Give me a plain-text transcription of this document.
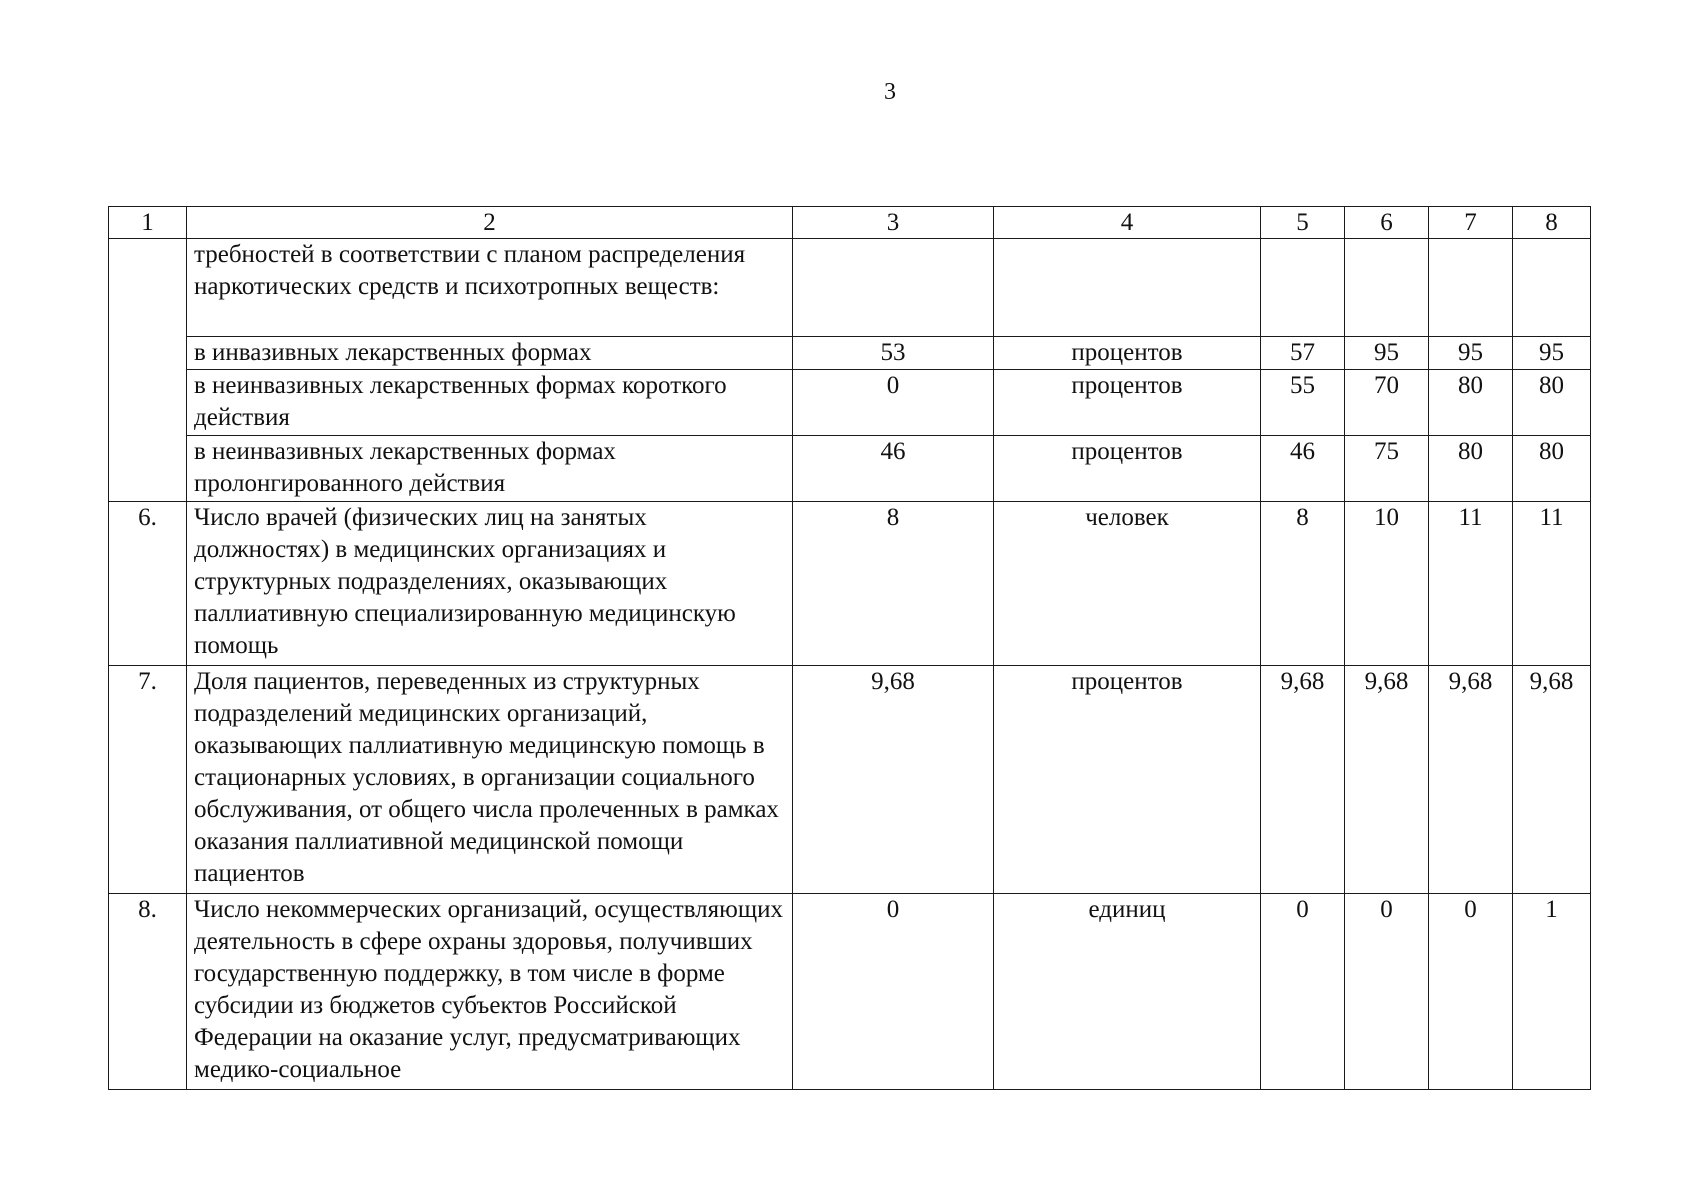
3
1	2	3	4	5	6	7	8
	требностей в соответствии с планом распределения наркотических средств и психотропных веществ:						
	в инвазивных лекарственных формах	53	процентов	57	95	95	95
	в неинвазивных лекарственных формах короткого действия	0	процентов	55	70	80	80
	в неинвазивных лекарственных формах пролонгированного действия	46	процентов	46	75	80	80
6.	Число врачей (физических лиц на занятых должностях) в медицинских организациях и структурных подразделениях, оказывающих паллиативную специализированную медицинскую помощь	8	человек	8	10	11	11
7.	Доля пациентов, переведенных из структурных подразделений медицинских организаций, оказывающих паллиативную медицинскую помощь в стационарных условиях, в организации социального обслуживания, от общего числа пролеченных в рамках оказания паллиативной медицинской помощи пациентов	9,68	процентов	9,68	9,68	9,68	9,68
8.	Число некоммерческих организаций, осуществляющих деятельность в сфере охраны здоровья, получивших государственную поддержку, в том числе в форме субсидии из бюджетов субъектов Российской Федерации на оказание услуг, предусматривающих медико-социальное	0	единиц	0	0	0	1
